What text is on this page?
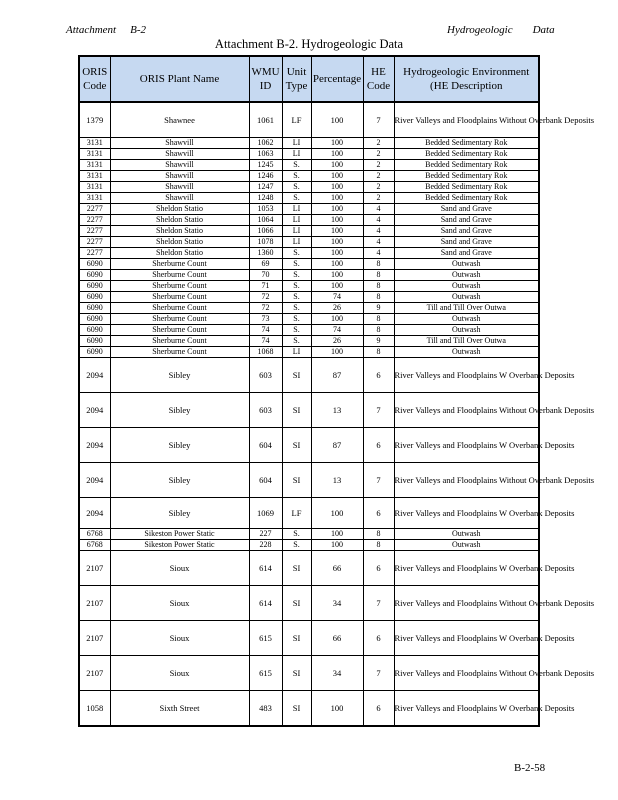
Attachment B-2	Hydrogeologic Data
Attachment B-2. Hydrogeologic Data
ORIS Code	ORIS Plant Name	WMU ID	Unit Type	Percentage	HE Code	Hydrogeologic Environment (HE Description
1379	Shawnee	1061	LF	100	7	River Valleys and Floodplains Without Overbank Deposits
3131	Shawvill	1062	LI	100	2	Bedded Sedimentary Rok
3131	Shawvill	1063	LI	100	2	Bedded Sedimentary Rok
3131	Shawvill	1245	S.	100	2	Bedded Sedimentary Rok
3131	Shawvill	1246	S.	100	2	Bedded Sedimentary Rok
3131	Shawvill	1247	S.	100	2	Bedded Sedimentary Rok
3131	Shawvill	1248	S.	100	2	Bedded Sedimentary Rok
2277	Sheldon Statio	1053	LI	100	4	Sand and Grave
2277	Sheldon Statio	1064	LI	100	4	Sand and Grave
2277	Sheldon Statio	1066	LI	100	4	Sand and Grave
2277	Sheldon Statio	1078	LI	100	4	Sand and Grave
2277	Sheldon Statio	1360	S.	100	4	Sand and Grave
6090	Sherburne Count	69	S.	100	8	Outwash
6090	Sherburne Count	70	S.	100	8	Outwash
6090	Sherburne Count	71	S.	100	8	Outwash
6090	Sherburne Count	72	S.	74	8	Outwash
6090	Sherburne Count	72	S.	26	9	Till and Till Over Outwa
6090	Sherburne Count	73	S.	100	8	Outwash
6090	Sherburne Count	74	S.	74	8	Outwash
6090	Sherburne Count	74	S.	26	9	Till and Till Over Outwa
6090	Sherburne Count	1068	LI	100	8	Outwash
2094	Sibley	603	SI	87	6	River Valleys and Floodplains W Overbank Deposits
2094	Sibley	603	SI	13	7	River Valleys and Floodplains Without Overbank Deposits
2094	Sibley	604	SI	87	6	River Valleys and Floodplains W Overbank Deposits
2094	Sibley	604	SI	13	7	River Valleys and Floodplains Without Overbank Deposits
2094	Sibley	1069	LF	100	6	River Valleys and Floodplains W Overbank Deposits
6768	Sikeston Power Static	227	S.	100	8	Outwash
6768	Sikeston Power Static	228	S.	100	8	Outwash
2107	Sioux	614	SI	66	6	River Valleys and Floodplains W Overbank Deposits
2107	Sioux	614	SI	34	7	River Valleys and Floodplains Without Overbank Deposits
2107	Sioux	615	SI	66	6	River Valleys and Floodplains W Overbank Deposits
2107	Sioux	615	SI	34	7	River Valleys and Floodplains Without Overbank Deposits
1058	Sixth Street	483	SI	100	6	River Valleys and Floodplains W Overbank Deposits
B-2-58
